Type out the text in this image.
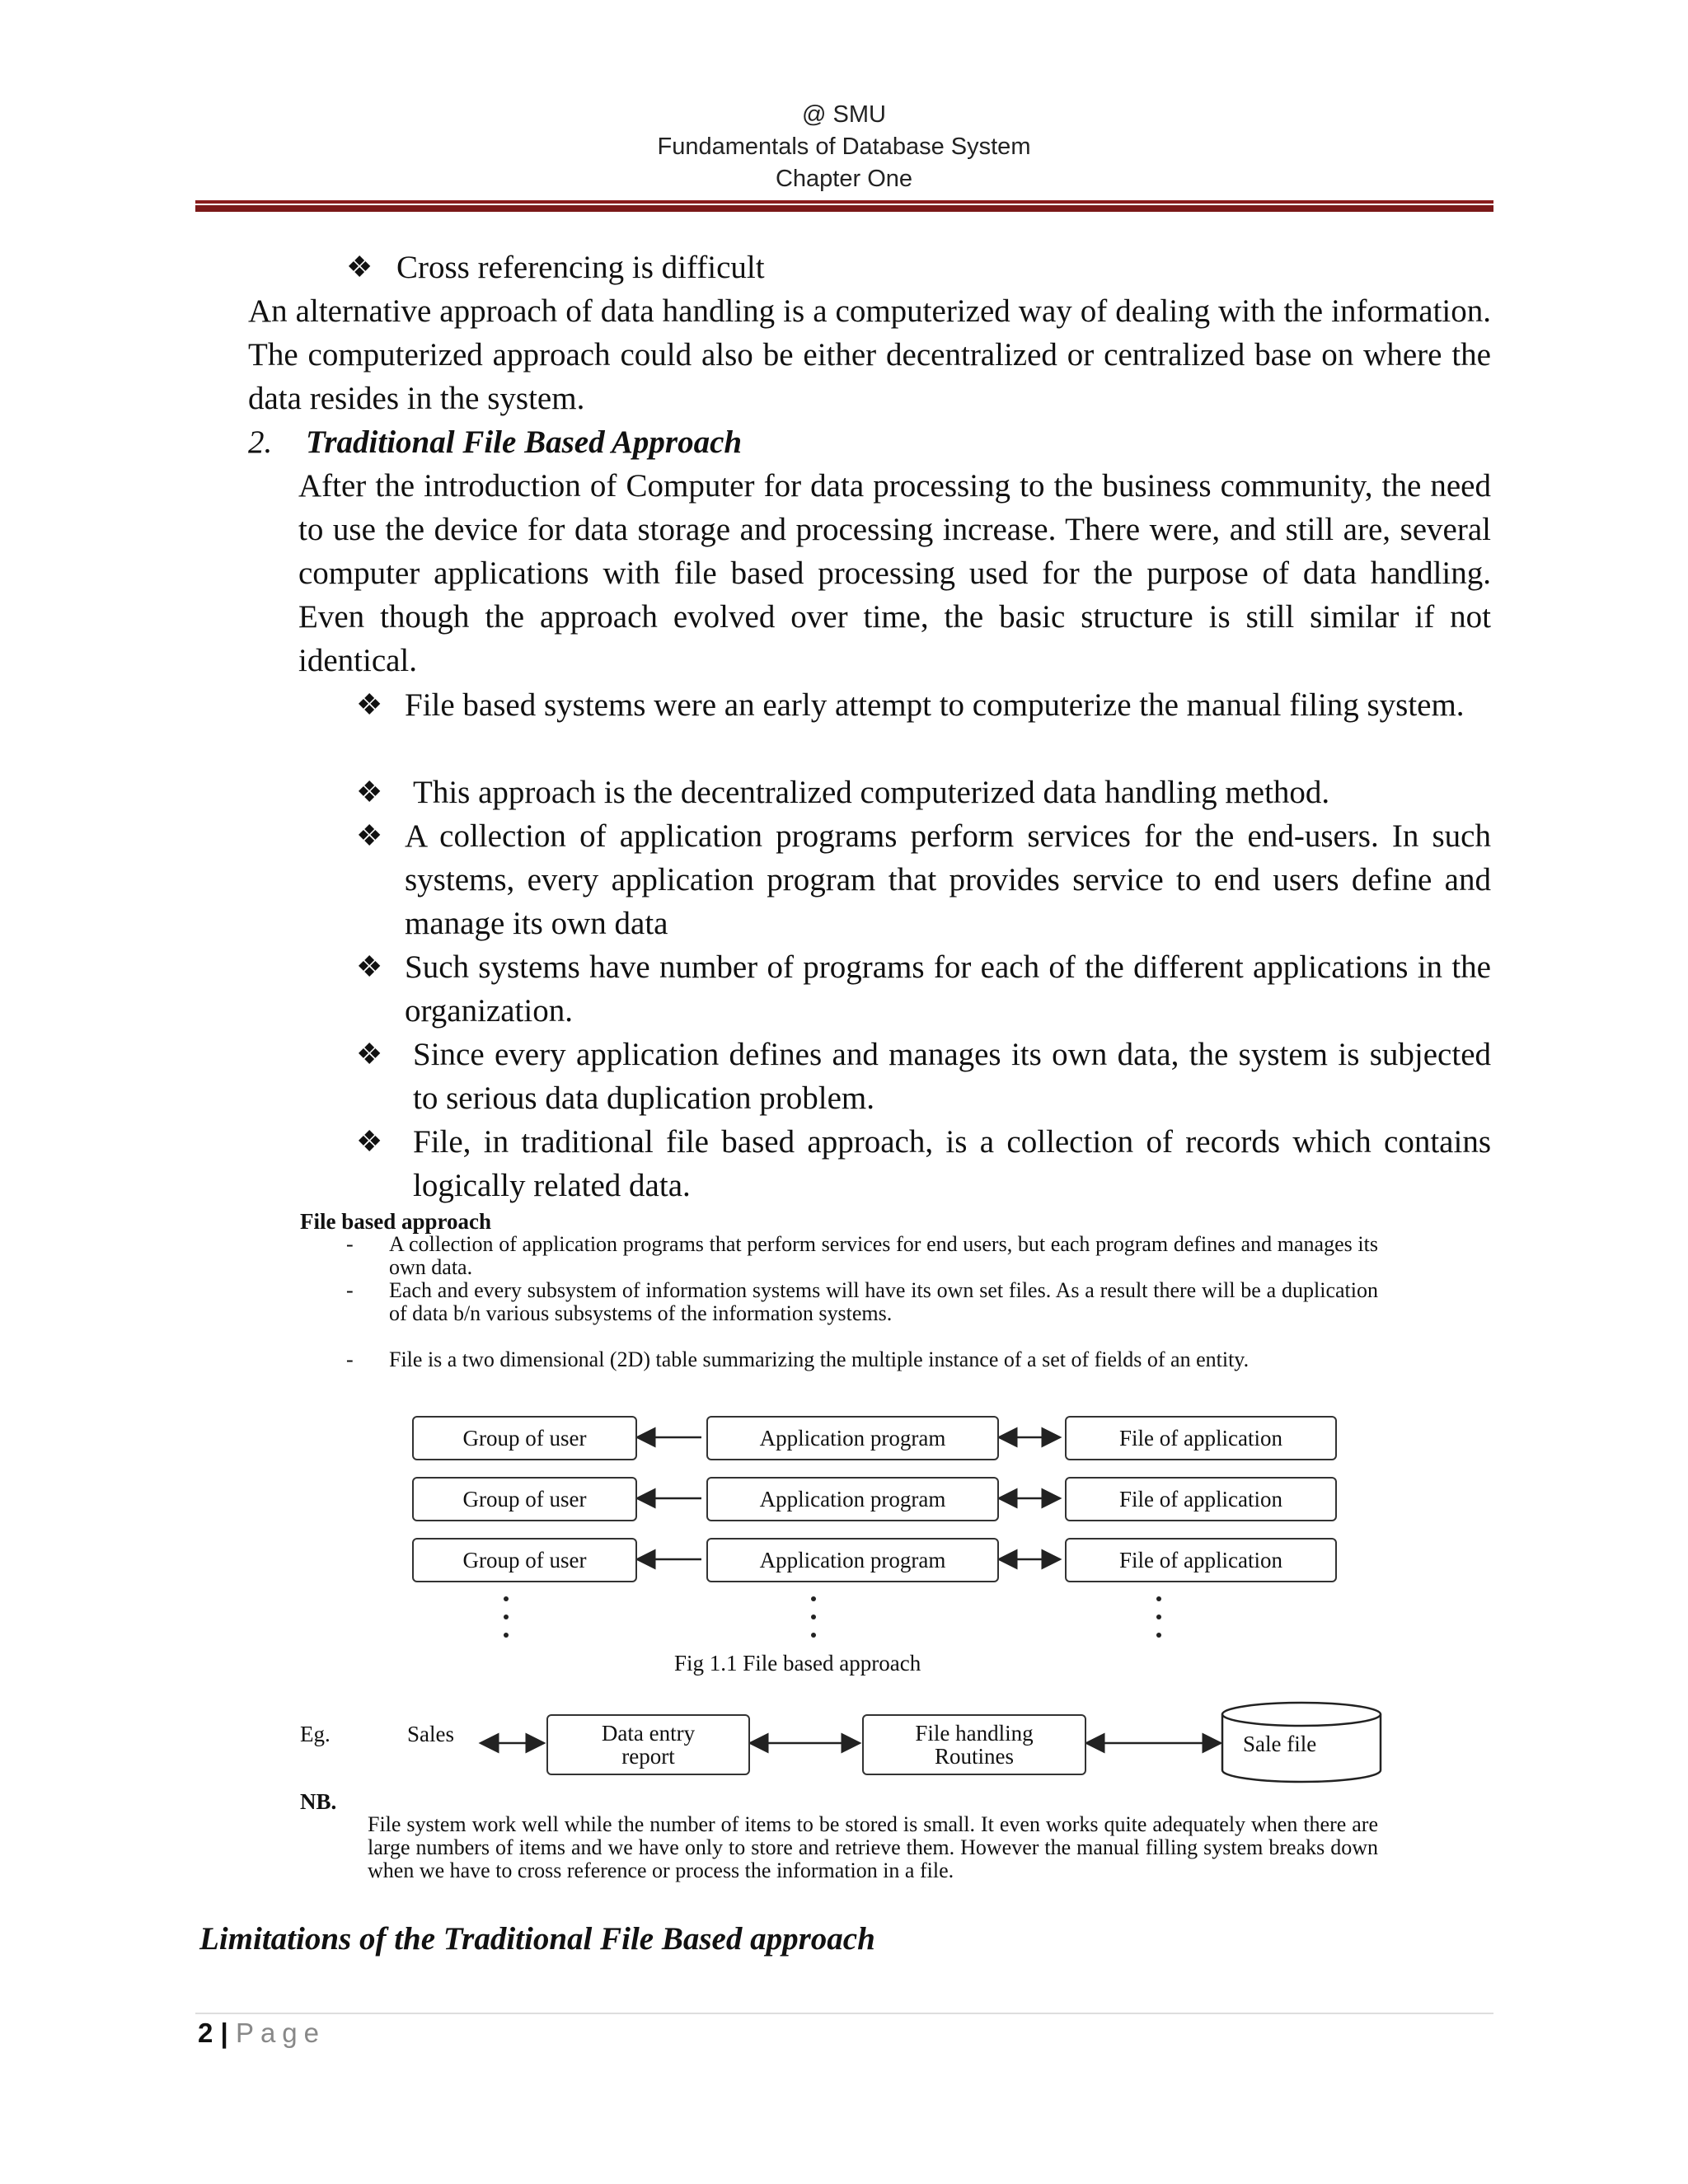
@ SMU
Fundamentals of Database System
Chapter One
❖ Cross referencing is difficult
An alternative approach of data handling is a computerized way of dealing with the information. The computerized approach could also be either decentralized or centralized base on where the data resides in the system.
2. Traditional File Based Approach
After the introduction of Computer for data processing to the business community, the need to use the device for data storage and processing increase. There were, and still are, several computer applications with file based processing used for the purpose of data handling. Even though the approach evolved over time, the basic structure is still similar if not identical.
❖ File based systems were an early attempt to computerize the manual filing system.
❖ This approach is the decentralized computerized data handling method.
❖ A collection of application programs perform services for the end-users. In such systems, every application program that provides service to end users define and manage its own data
❖ Such systems have number of programs for each of the different applications in the organization.
❖ Since every application defines and manages its own data, the system is subjected to serious data duplication problem.
❖ File, in traditional file based approach, is a collection of records which contains logically related data.
File based approach
- A collection of application programs that perform services for end users, but each program defines and manages its own data.
- Each and every subsystem of information systems will have its own set files. As a result there will be a duplication of data b/n various subsystems of the information systems.
- File is a two dimensional (2D) table summarizing the multiple instance of a set of fields of an entity.
Group of user	Application program	File of application
Group of user	Application program	File of application
Group of user	Application program	File of application
Fig 1.1 File based approach
Eg.	Sales	Data entry
report
File handling
Routines	Sale file
NB.
File system work well while the number of items to be stored is small. It even works quite adequately when there are large numbers of items and we have only to store and retrieve them. However the manual filling system breaks down when we have to cross reference or process the information in a file.
Limitations of the Traditional File Based approach
2 | Page
